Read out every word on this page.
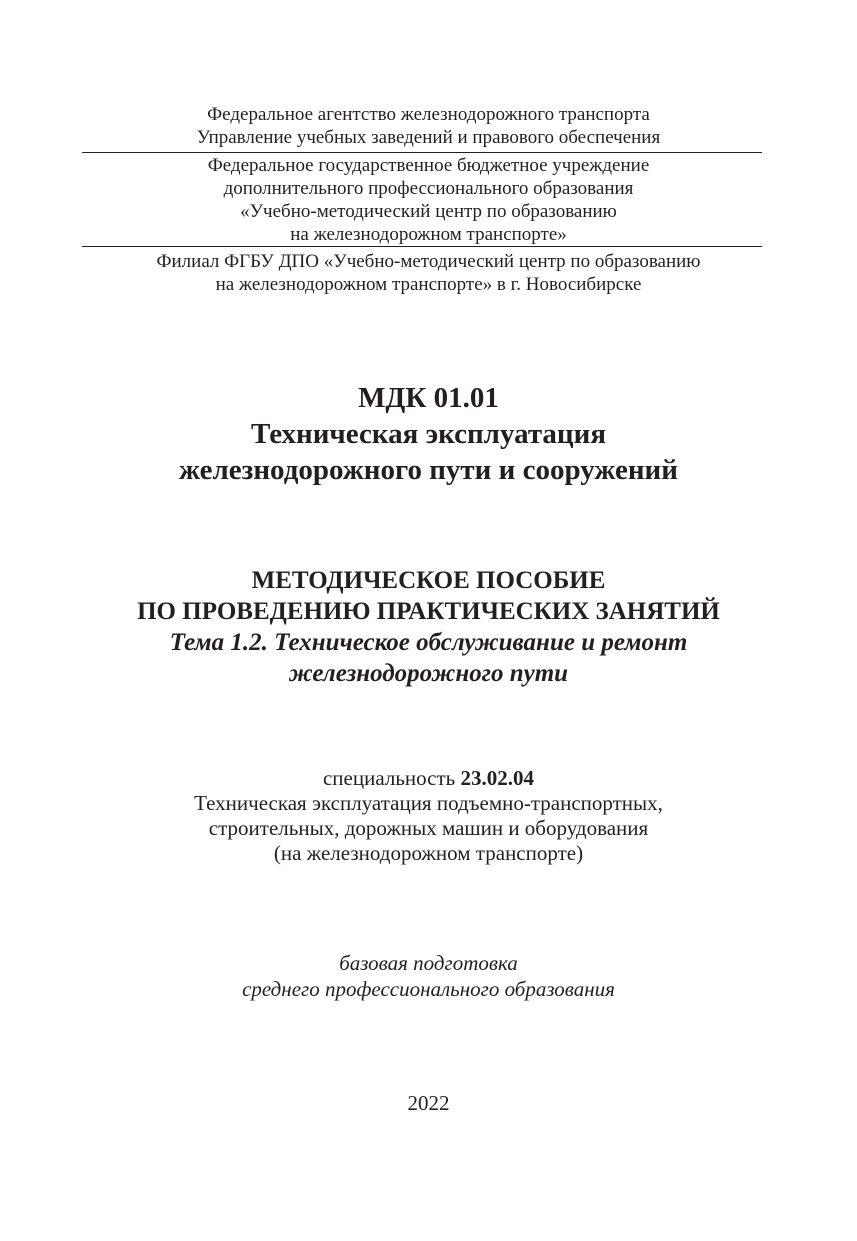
Федеральное агентство железнодорожного транспорта
Управление учебных заведений и правового обеспечения
Федеральное государственное бюджетное учреждение
дополнительного профессионального образования
«Учебно-методический центр по образованию
на железнодорожном транспорте»
Филиал ФГБУ ДПО «Учебно-методический центр по образованию
на железнодорожном транспорте» в г. Новосибирске
МДК 01.01
Техническая эксплуатация
железнодорожного пути и сооружений
МЕТОДИЧЕСКОЕ ПОСОБИЕ
ПО ПРОВЕДЕНИЮ ПРАКТИЧЕСКИХ ЗАНЯТИЙ
Тема 1.2. Техническое обслуживание и ремонт
железнодорожного пути
специальность 23.02.04
Техническая эксплуатация подъемно-транспортных,
строительных, дорожных машин и оборудования
(на железнодорожном транспорте)
базовая подготовка
среднего профессионального образования
2022
